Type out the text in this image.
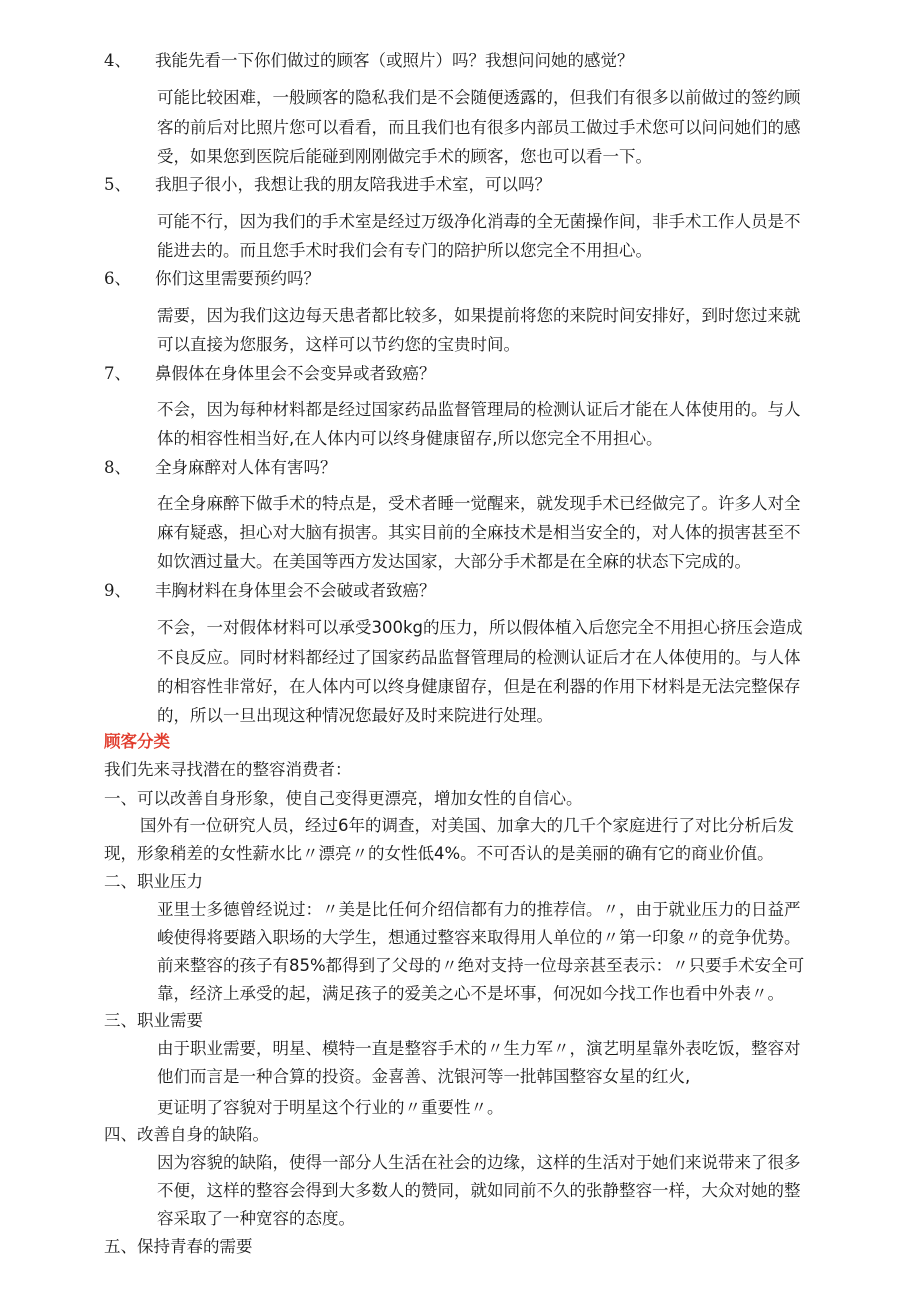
4、 我能先看一下你们做过的顾客（或照片）吗？我想问问她的感觉？
可能比较困难，一般顾客的隐私我们是不会随便透露的，但我们有很多以前做过的签约顾
客的前后对比照片您可以看看，而且我们也有很多内部员工做过手术您可以问问她们的感
受，如果您到医院后能碰到刚刚做完手术的顾客，您也可以看一下。
5、 我胆子很小，我想让我的朋友陪我进手术室，可以吗？
可能不行，因为我们的手术室是经过万级净化消毒的全无菌操作间，非手术工作人员是不
能进去的。而且您手术时我们会有专门的陪护所以您完全不用担心。
6、 你们这里需要预约吗？
需要，因为我们这边每天患者都比较多，如果提前将您的来院时间安排好，到时您过来就
可以直接为您服务，这样可以节约您的宝贵时间。
7、 鼻假体在身体里会不会变异或者致癌？
不会，因为每种材料都是经过国家药品监督管理局的检测认证后才能在人体使用的。与人
体的相容性相当好,在人体内可以终身健康留存,所以您完全不用担心。
8、 全身麻醉对人体有害吗？
在全身麻醉下做手术的特点是，受术者睡一觉醒来，就发现手术已经做完了。许多人对全
麻有疑惑，担心对大脑有损害。其实目前的全麻技术是相当安全的，对人体的损害甚至不
如饮酒过量大。在美国等西方发达国家，大部分手术都是在全麻的状态下完成的。
9、 丰胸材料在身体里会不会破或者致癌？
不会，一对假体材料可以承受300kg的压力，所以假体植入后您完全不用担心挤压会造成
不良反应。同时材料都经过了国家药品监督管理局的检测认证后才在人体使用的。与人体
的相容性非常好，在人体内可以终身健康留存，但是在利器的作用下材料是无法完整保存
的，所以一旦出现这种情况您最好及时来院进行处理。
顾客分类
我们先来寻找潜在的整容消费者：
一、可以改善自身形象，使自己变得更漂亮，增加女性的自信心。
国外有一位研究人员，经过6年的调查，对美国、加拿大的几千个家庭进行了对比分析后发
现，形象稍差的女性薪水比〃漂亮〃的女性低4%。不可否认的是美丽的确有它的商业价值。
二、职业压力
亚里士多德曾经说过：〃美是比任何介绍信都有力的推荐信。〃，由于就业压力的日益严
峻使得将要踏入职场的大学生，想通过整容来取得用人单位的〃第一印象〃的竞争优势。
前来整容的孩子有85%都得到了父母的〃绝对支持一位母亲甚至表示：〃只要手术安全可
靠，经济上承受的起，满足孩子的爱美之心不是坏事，何况如今找工作也看中外表〃。
三、职业需要
由于职业需要，明星、模特一直是整容手术的〃生力军〃，演艺明星靠外表吃饭，整容对
他们而言是一种合算的投资。金喜善、沈银河等一批韩国整容女星的红火,
更证明了容貌对于明星这个行业的〃重要性〃。
四、改善自身的缺陷。
因为容貌的缺陷，使得一部分人生活在社会的边缘，这样的生活对于她们来说带来了很多
不便，这样的整容会得到大多数人的赞同，就如同前不久的张静整容一样，大众对她的整
容采取了一种宽容的态度。
五、保持青春的需要
